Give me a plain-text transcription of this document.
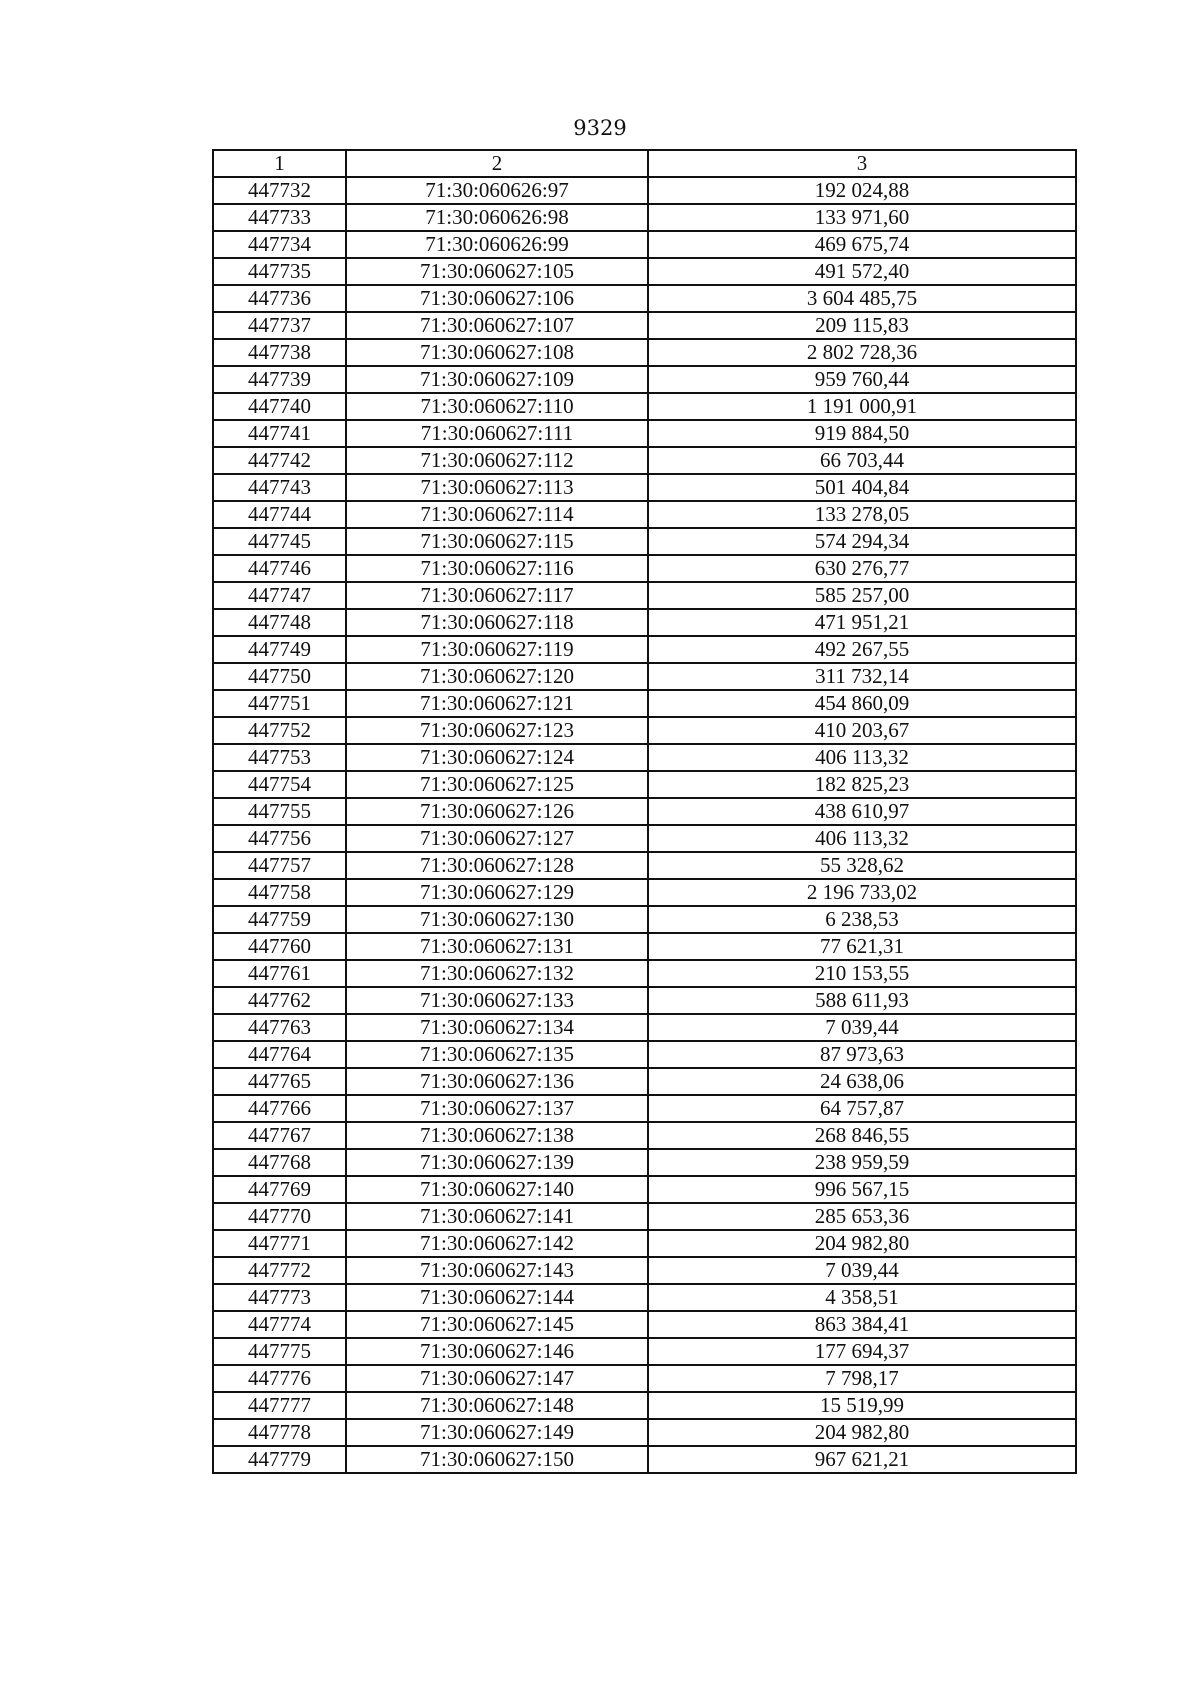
9329
1	2	3
447732	71:30:060626:97	192 024,88
447733	71:30:060626:98	133 971,60
447734	71:30:060626:99	469 675,74
447735	71:30:060627:105	491 572,40
447736	71:30:060627:106	3 604 485,75
447737	71:30:060627:107	209 115,83
447738	71:30:060627:108	2 802 728,36
447739	71:30:060627:109	959 760,44
447740	71:30:060627:110	1 191 000,91
447741	71:30:060627:111	919 884,50
447742	71:30:060627:112	66 703,44
447743	71:30:060627:113	501 404,84
447744	71:30:060627:114	133 278,05
447745	71:30:060627:115	574 294,34
447746	71:30:060627:116	630 276,77
447747	71:30:060627:117	585 257,00
447748	71:30:060627:118	471 951,21
447749	71:30:060627:119	492 267,55
447750	71:30:060627:120	311 732,14
447751	71:30:060627:121	454 860,09
447752	71:30:060627:123	410 203,67
447753	71:30:060627:124	406 113,32
447754	71:30:060627:125	182 825,23
447755	71:30:060627:126	438 610,97
447756	71:30:060627:127	406 113,32
447757	71:30:060627:128	55 328,62
447758	71:30:060627:129	2 196 733,02
447759	71:30:060627:130	6 238,53
447760	71:30:060627:131	77 621,31
447761	71:30:060627:132	210 153,55
447762	71:30:060627:133	588 611,93
447763	71:30:060627:134	7 039,44
447764	71:30:060627:135	87 973,63
447765	71:30:060627:136	24 638,06
447766	71:30:060627:137	64 757,87
447767	71:30:060627:138	268 846,55
447768	71:30:060627:139	238 959,59
447769	71:30:060627:140	996 567,15
447770	71:30:060627:141	285 653,36
447771	71:30:060627:142	204 982,80
447772	71:30:060627:143	7 039,44
447773	71:30:060627:144	4 358,51
447774	71:30:060627:145	863 384,41
447775	71:30:060627:146	177 694,37
447776	71:30:060627:147	7 798,17
447777	71:30:060627:148	15 519,99
447778	71:30:060627:149	204 982,80
447779	71:30:060627:150	967 621,21
